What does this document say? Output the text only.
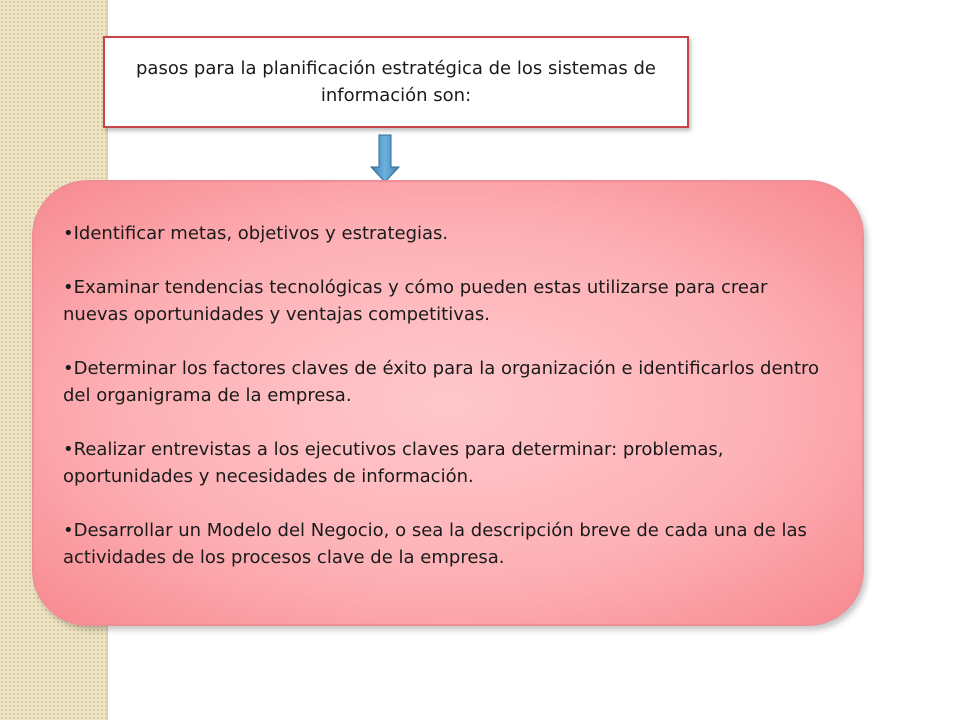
pasos para la planificación estratégica de los sistemas de información son:
•Identificar metas, objetivos y estrategias.
•Examinar tendencias tecnológicas y cómo pueden estas utilizarse para crear nuevas oportunidades y ventajas competitivas.
•Determinar los factores claves de éxito para la organización e identificarlos dentro del organigrama de la empresa.
•Realizar entrevistas a los ejecutivos claves para determinar: problemas, oportunidades y necesidades de información.
•Desarrollar un Modelo del Negocio, o sea la descripción breve de cada una de las actividades de los procesos clave de la empresa.
